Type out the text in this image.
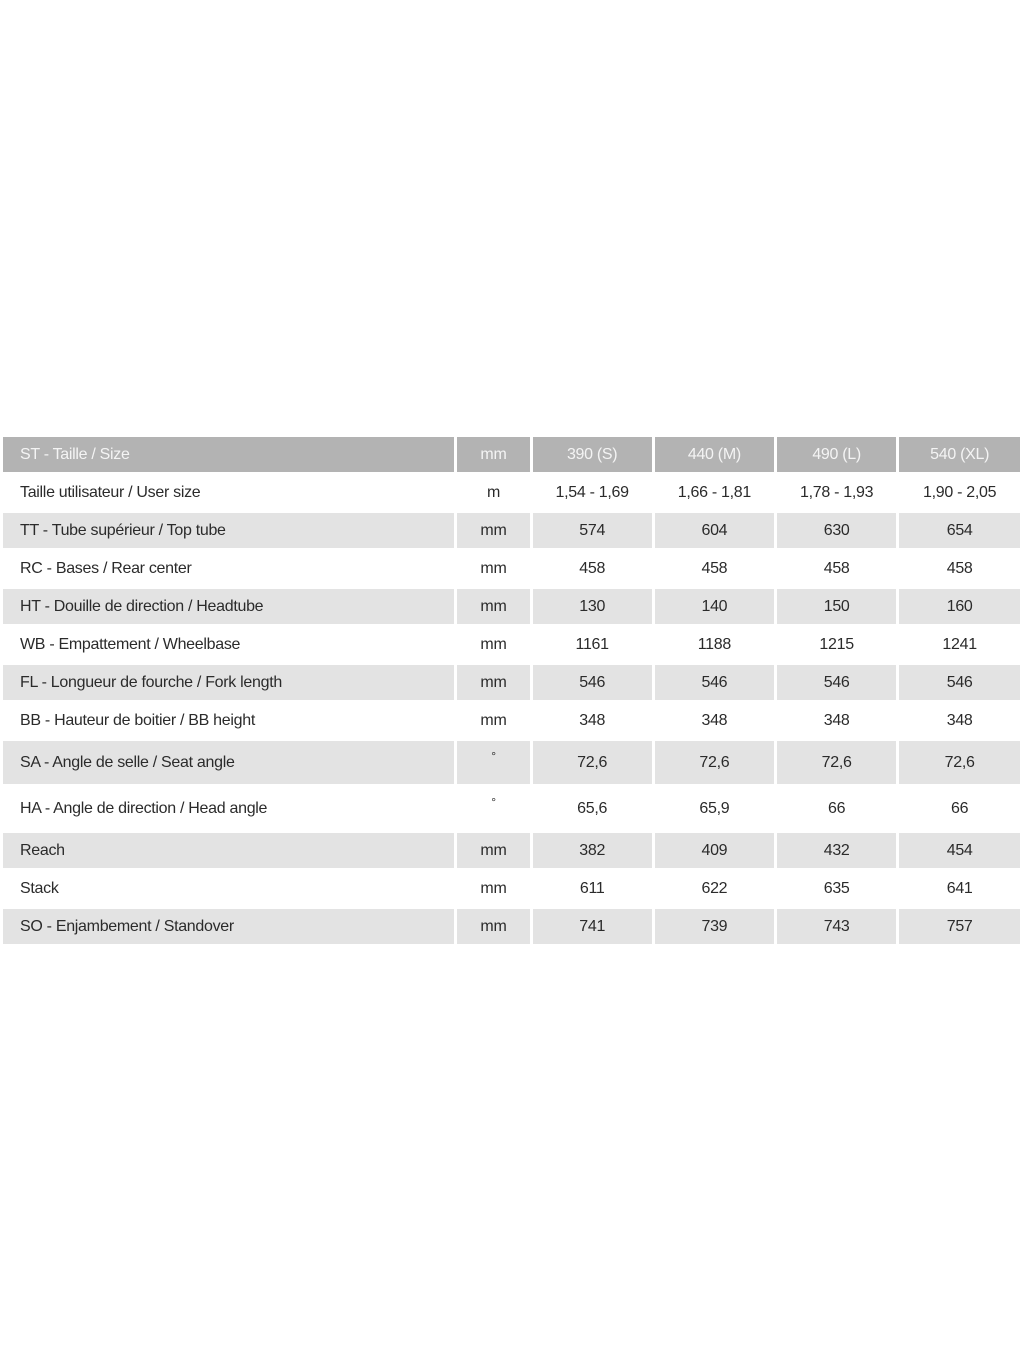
ST - Taille / Size	mm	390 (S)	440 (M)	490 (L)	540 (XL)
Taille utilisateur / User size	m	1,54 - 1,69	1,66 - 1,81	1,78 - 1,93	1,90 - 2,05
TT - Tube supérieur / Top tube	mm	574	604	630	654
RC - Bases / Rear center	mm	458	458	458	458
HT - Douille de direction / Headtube	mm	130	140	150	160
WB - Empattement / Wheelbase	mm	1161	1188	1215	1241
FL - Longueur de fourche / Fork length	mm	546	546	546	546
BB - Hauteur de boitier / BB height	mm	348	348	348	348
SA - Angle de selle / Seat angle	°	72,6	72,6	72,6	72,6
HA - Angle de direction / Head angle	°	65,6	65,9	66	66
Reach	mm	382	409	432	454
Stack	mm	611	622	635	641
SO - Enjambement / Standover	mm	741	739	743	757
